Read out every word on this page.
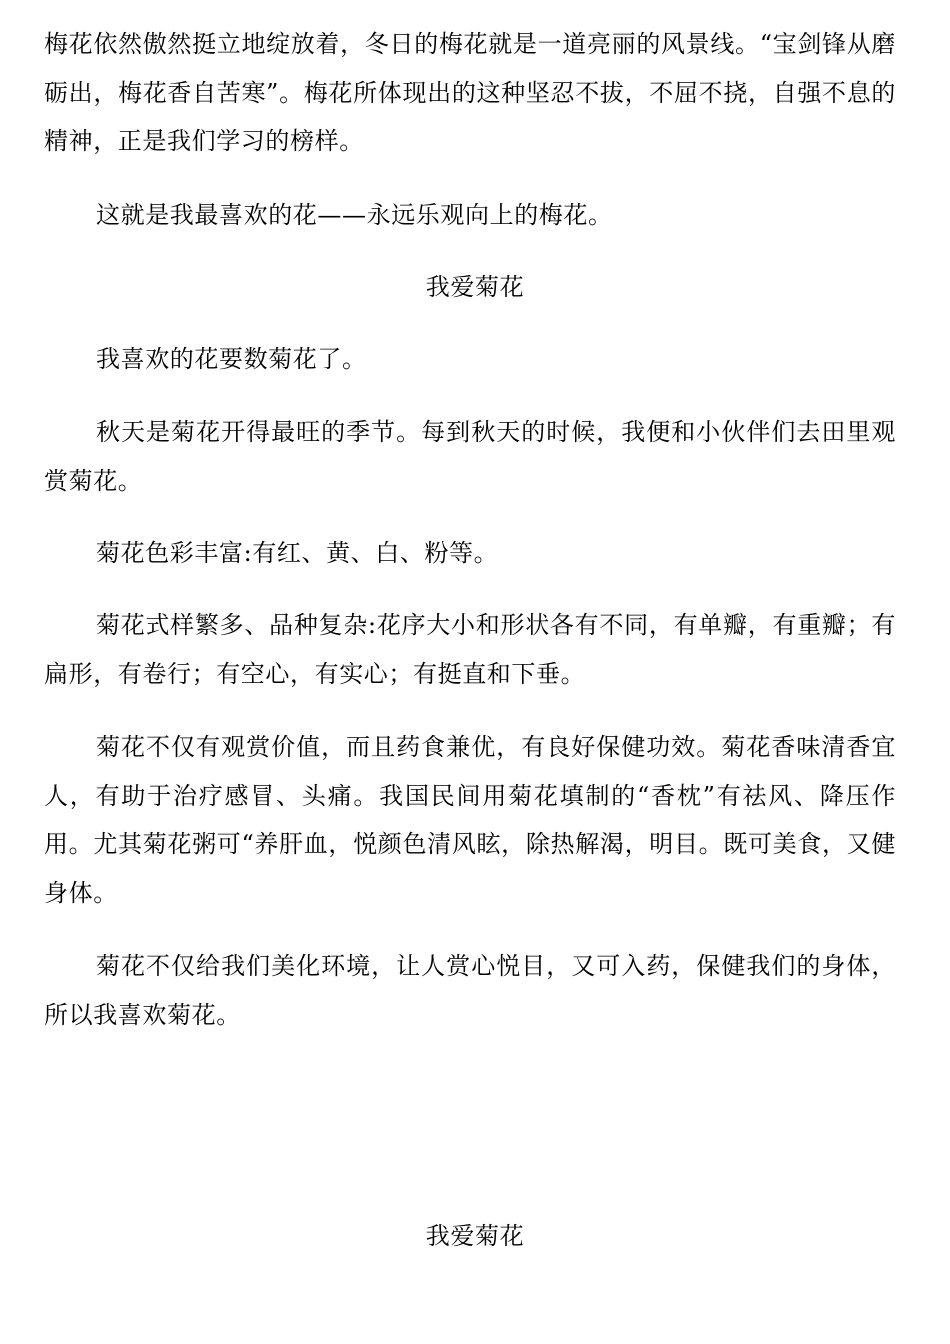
梅花依然傲然挺立地绽放着，冬日的梅花就是一道亮丽的风景线。“宝剑锋从磨砺出，梅花香自苦寒”。梅花所体现出的这种坚忍不拔，不屈不挠，自强不息的精神，正是我们学习的榜样。

这就是我最喜欢的花——永远乐观向上的梅花。

我爱菊花

我喜欢的花要数菊花了。

秋天是菊花开得最旺的季节。每到秋天的时候，我便和小伙伴们去田里观赏菊花。

菊花色彩丰富:有红、黄、白、粉等。

菊花式样繁多、品种复杂:花序大小和形状各有不同，有单瓣，有重瓣；有扁形，有卷行；有空心，有实心；有挺直和下垂。

菊花不仅有观赏价值，而且药食兼优，有良好保健功效。菊花香味清香宜人，有助于治疗感冒、头痛。我国民间用菊花填制的“香枕”有祛风、降压作用。尤其菊花粥可“养肝血，悦颜色清风眩，除热解渴，明目。既可美食，又健身体。

菊花不仅给我们美化环境，让人赏心悦目，又可入药，保健我们的身体，所以我喜欢菊花。

我爱菊花
